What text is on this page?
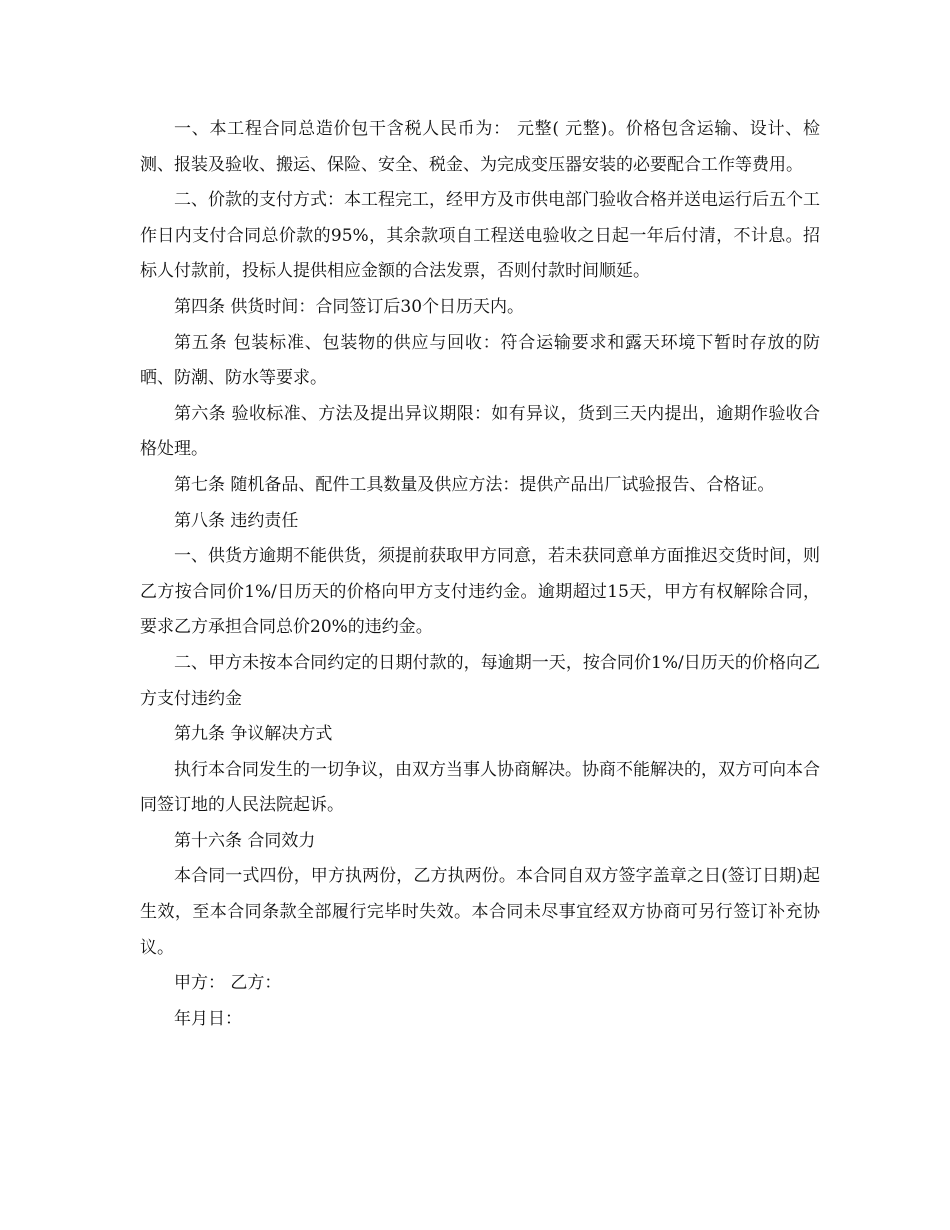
一、本工程合同总造价包干含税人民币为： 元整( 元整)。价格包含运输、设计、检测、报装及验收、搬运、保险、安全、税金、为完成变压器安装的必要配合工作等费用。

二、价款的支付方式：本工程完工，经甲方及市供电部门验收合格并送电运行后五个工作日内支付合同总价款的95%，其余款项自工程送电验收之日起一年后付清，不计息。招标人付款前，投标人提供相应金额的合法发票，否则付款时间顺延。

第四条 供货时间：合同签订后30个日历天内。

第五条 包装标准、包装物的供应与回收：符合运输要求和露天环境下暂时存放的防晒、防潮、防水等要求。

第六条 验收标准、方法及提出异议期限：如有异议，货到三天内提出，逾期作验收合格处理。

第七条 随机备品、配件工具数量及供应方法：提供产品出厂试验报告、合格证。

第八条 违约责任

一、供货方逾期不能供货，须提前获取甲方同意，若未获同意单方面推迟交货时间，则乙方按合同价1%/日历天的价格向甲方支付违约金。逾期超过15天，甲方有权解除合同，要求乙方承担合同总价20%的违约金。

二、甲方未按本合同约定的日期付款的，每逾期一天，按合同价1%/日历天的价格向乙方支付违约金

第九条 争议解决方式

执行本合同发生的一切争议，由双方当事人协商解决。协商不能解决的，双方可向本合同签订地的人民法院起诉。

第十六条 合同效力

本合同一式四份，甲方执两份，乙方执两份。本合同自双方签字盖章之日(签订日期)起生效，至本合同条款全部履行完毕时失效。本合同未尽事宜经双方协商可另行签订补充协议。

甲方： 乙方：

年月日：
